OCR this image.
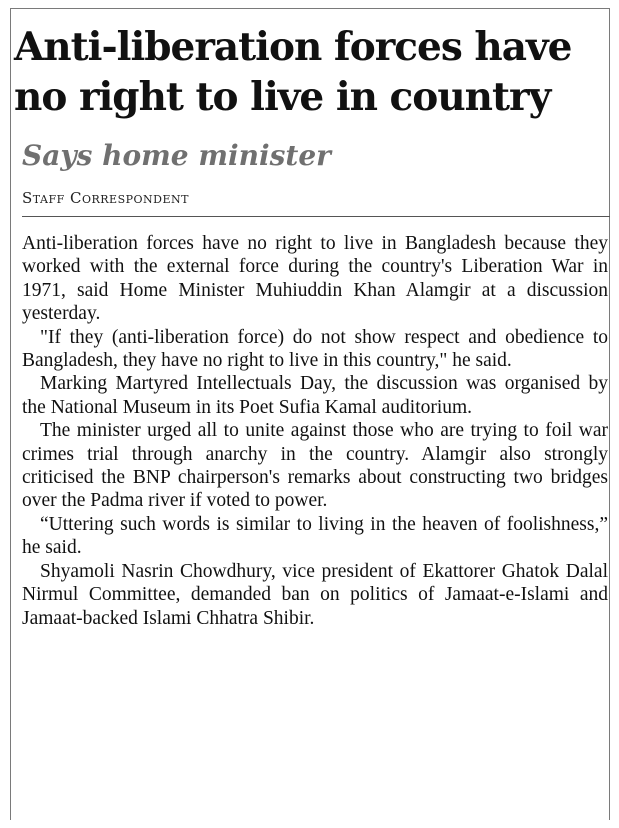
Anti-liberation forces have no right to live in country
Says home minister
Staff Correspondent

Anti-liberation forces have no right to live in Bangladesh because they worked with the external force during the country's Liberation War in 1971, said Home Minister Muhiuddin Khan Alamgir at a discussion yesterday.

"If they (anti-liberation force) do not show respect and obedience to Bangladesh, they have no right to live in this country," he said.

Marking Martyred Intellectuals Day, the discussion was organised by the National Museum in its Poet Sufia Kamal auditorium.

The minister urged all to unite against those who are trying to foil war crimes trial through anarchy in the country. Alamgir also strongly criticised the BNP chairperson's remarks about constructing two bridges over the Padma river if voted to power.

“Uttering such words is similar to living in the heaven of foolishness,” he said.

Shyamoli Nasrin Chowdhury, vice president of Ekattorer Ghatok Dalal Nirmul Committee, demanded ban on politics of Jamaat-e-Islami and Jamaat-backed Islami Chhatra Shibir.
